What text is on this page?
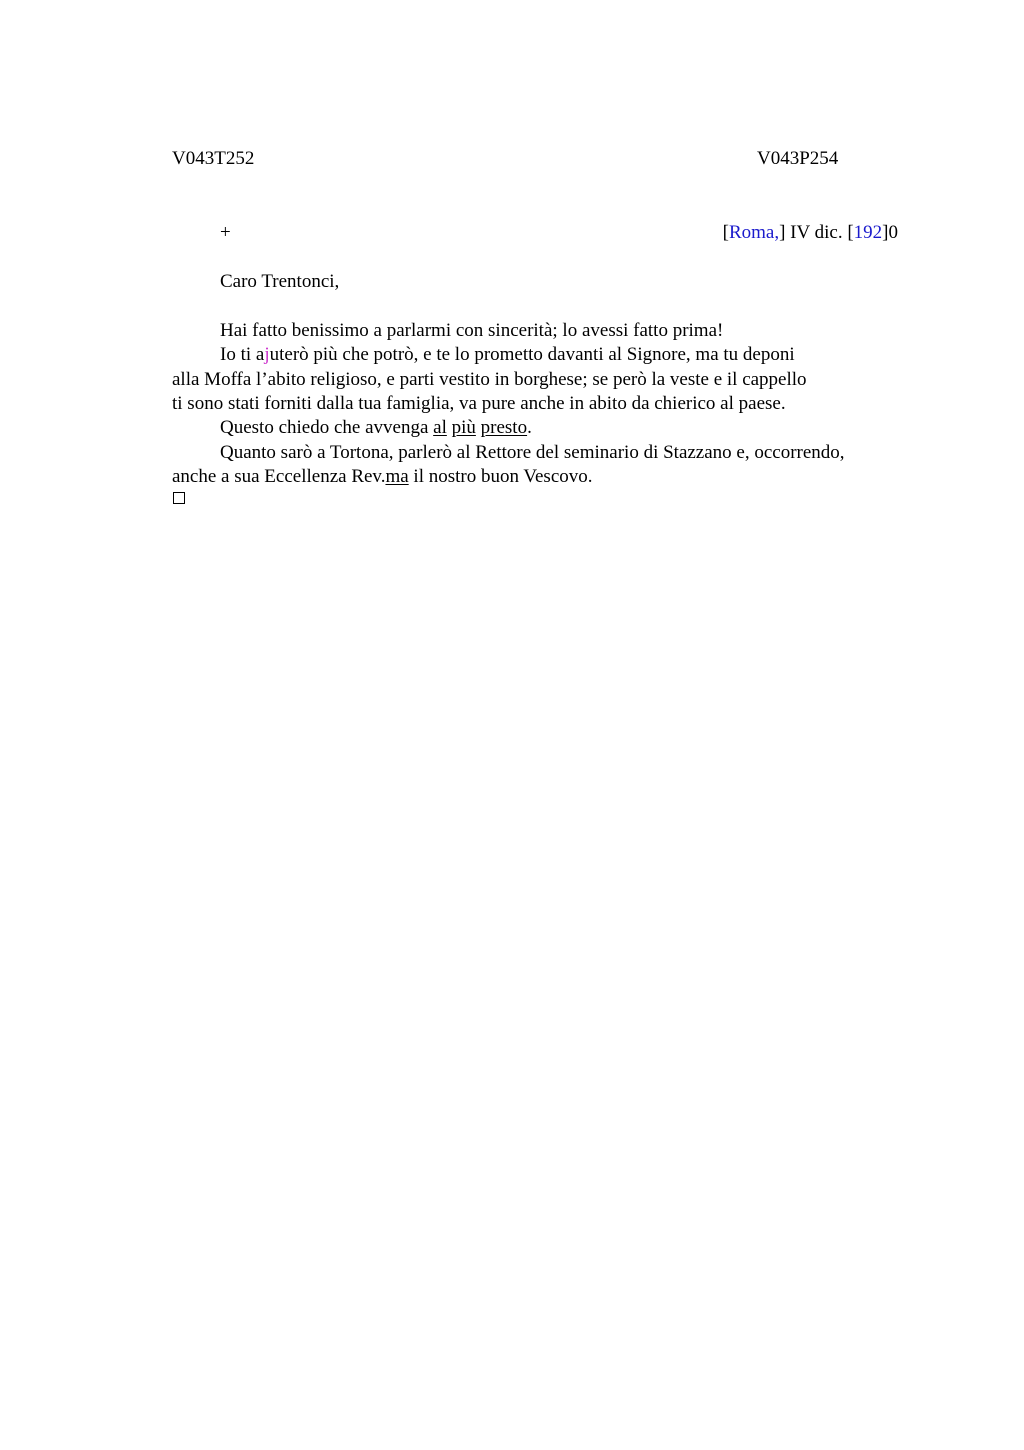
V043T252	V043P254
+	[Roma,] IV dic. [192]0
Caro Trentonci,
Hai fatto benissimo a parlarmi con sincerità; lo avessi fatto prima!
Io ti ajuterò più che potrò, e te lo prometto davanti al Signore, ma tu deponi
alla Moffa l’abito religioso, e parti vestito in borghese; se però la veste e il cappello
ti sono stati forniti dalla tua famiglia, va pure anche in abito da chierico al paese.
Questo chiedo che avvenga al più presto.
Quanto sarò a Tortona, parlerò al Rettore del seminario di Stazzano e, occorrendo,
anche a sua Eccellenza Rev.ma il nostro buon Vescovo.
